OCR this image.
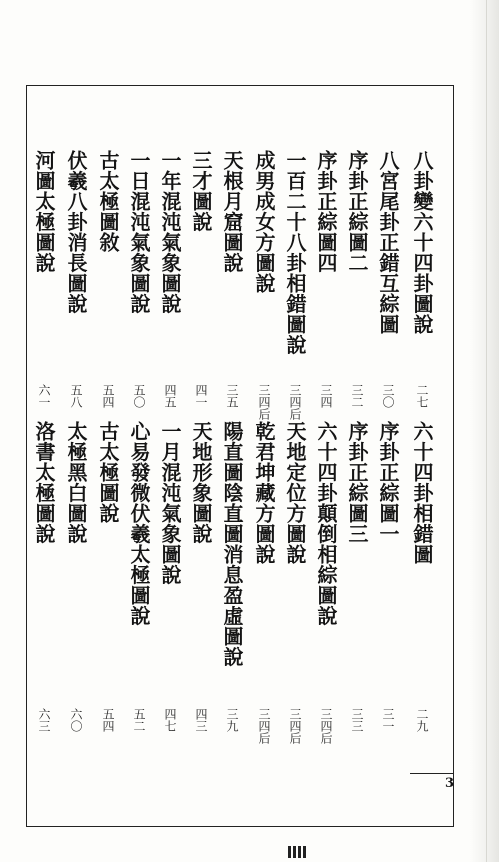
八卦變六十四卦圖說
二七
八宮尾卦正錯互綜圖
三〇
序卦正綜圖二
三二
序卦正綜圖四
三四
一百二十八卦相錯圖說
三四后
成男成女方圖說
三四后
天根月窟圖說
三五
三才圖說
四一
一年混沌氣象圖說
四五
一日混沌氣象圖說
五〇
古太極圖敘
五四
伏羲八卦消長圖說
五八
河圖太極圖說
六一
六十四卦相錯圖
二九
序卦正綜圖一
三一
序卦正綜圖三
三三
六十四卦顛倒相綜圖說
三四后
天地定位方圖說
三四后
乾君坤藏方圖說
三四后
陽直圖陰直圖消息盈虛圖說
三九
天地形象圖說
四三
一月混沌氣象圖說
四七
心易發微伏羲太極圖說
五二
古太極圖說
五四
太極黑白圖說
六〇
洛書太極圖說
六三
3
